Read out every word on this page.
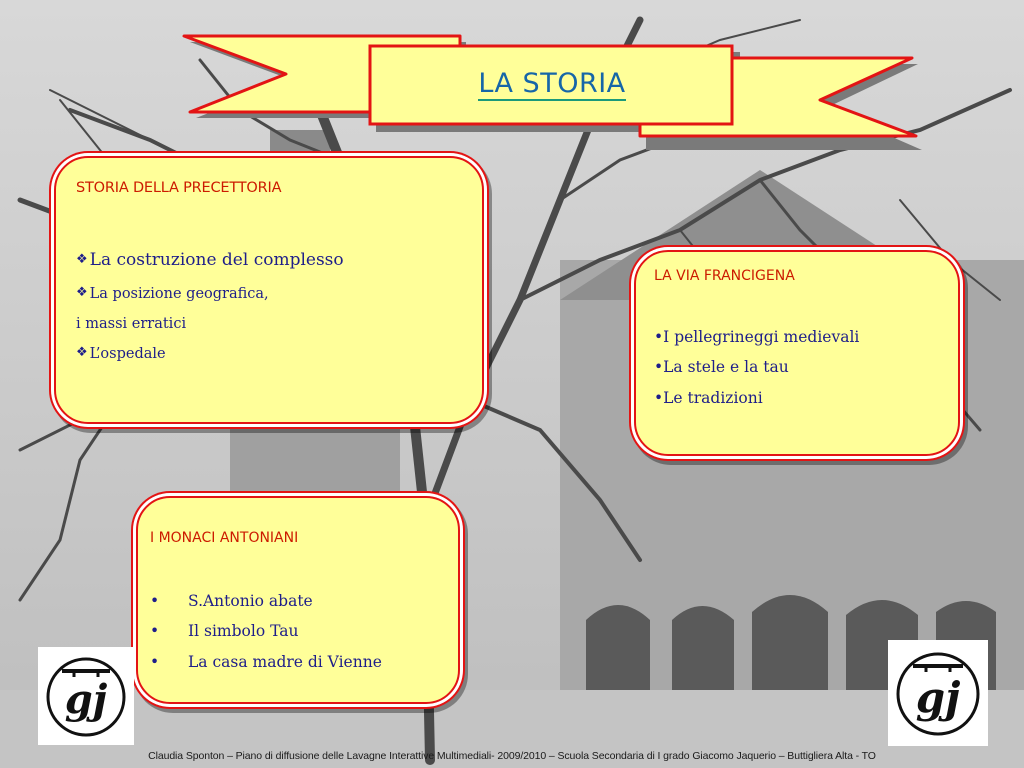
LA STORIA
STORIA DELLA PRECETTORIA
❖ La costruzione del complesso
❖ La posizione geografica,
i massi erratici
❖ L’ospedale
LA VIA FRANCIGENA
•I pellegrineggi medievali
•La stele e la tau
•Le tradizioni
I MONACI ANTONIANI
•	S.Antonio abate
•	Il simbolo Tau
•	La casa madre di Vienne
gj	gj
Claudia Sponton – Piano di diffusione delle Lavagne Interattive Multimediali- 2009/2010 – Scuola Secondaria di I grado Giacomo Jaquerio – Buttigliera Alta - TO
